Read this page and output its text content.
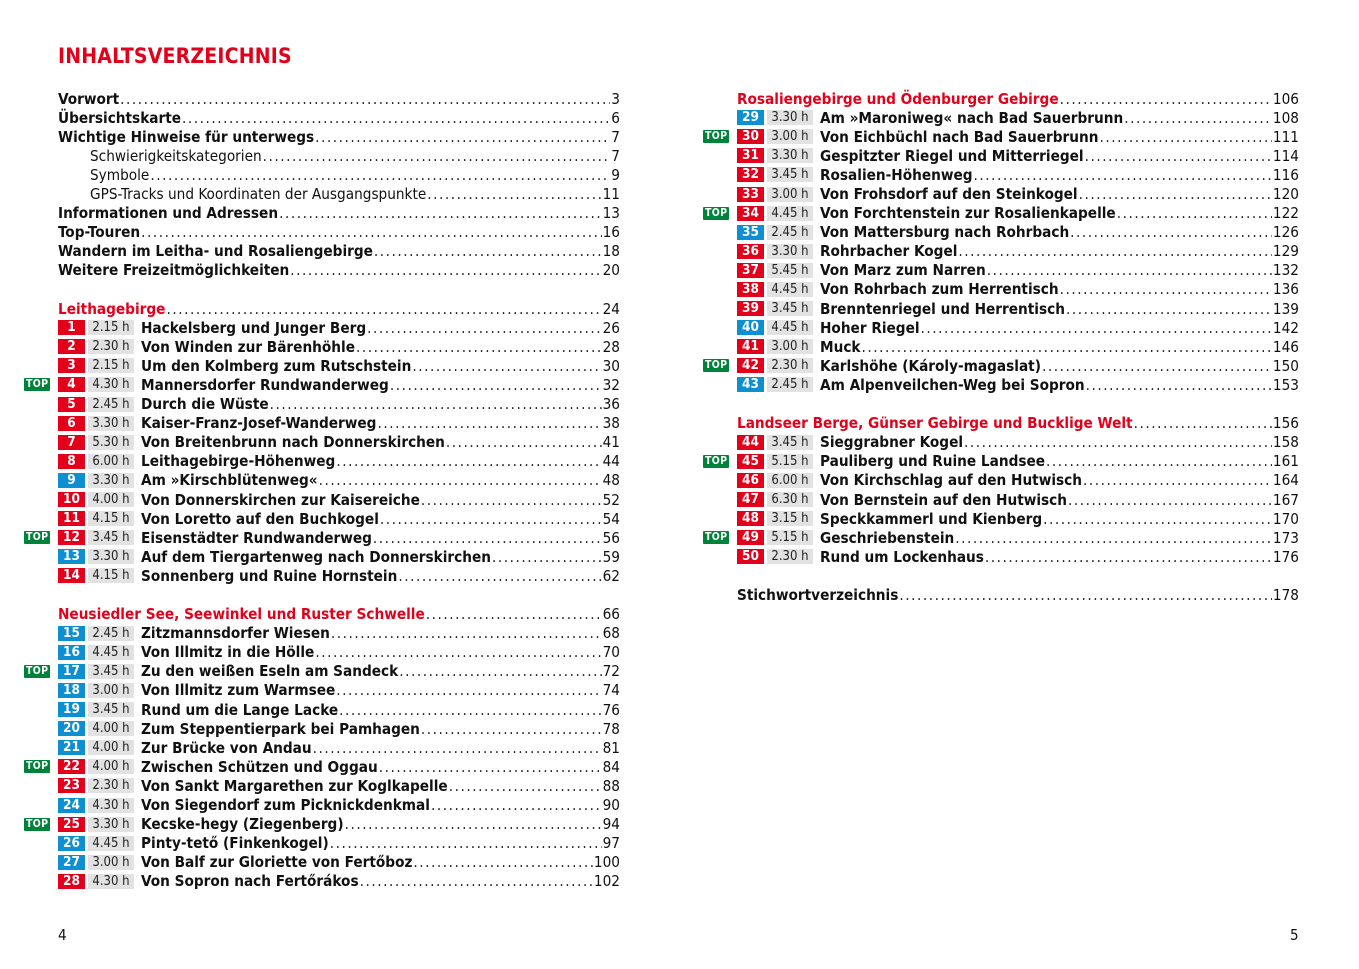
INHALTSVERZEICHNIS
Vorwort . . .	3
Übersichtskarte . . .	6
Wichtige Hinweise für unterwegs . . .	7
Schwierigkeitskategorien . . .	7
Symbole . . .	9
GPS-Tracks und Koordinaten der Ausgangspunkte . . .	11
Informationen und Adressen . . .	13
Top-Touren . . .	16
Wandern im Leitha- und Rosaliengebirge . . .	18
Weitere Freizeitmöglichkeiten . . .	20
Leithagebirge . . .	24
1	2.15 h Hackelsberg und Junger Berg . . .	26
2	2.30 h Von Winden zur Bärenhöhle . . .	28
3	2.15 h Um den Kolmberg zum Rutschstein . . .	30
TOP	4	4.30 h Mannersdorfer Rundwanderweg . . .	32
5	2.45 h Durch die Wüste . . .	36
6	3.30 h Kaiser-Franz-Josef-Wanderweg . . .	38
7	5.30 h Von Breitenbrunn nach Donnerskirchen . . .	41
8	6.00 h Leithagebirge-Höhenweg . . .	44
9	3.30 h Am »Kirschblütenweg« . . .	48
10 4.00 h Von Donnerskirchen zur Kaisereiche . . .	52
11 4.15 h Von Loretto auf den Buchkogel . . .	54
TOP	12 3.45 h Eisenstädter Rundwanderweg . . .	56
13 3.30 h Auf dem Tiergartenweg nach Donnerskirchen . . .	59
14 4.15 h Sonnenberg und Ruine Hornstein . . .	62
Neusiedler See, Seewinkel und Ruster Schwelle . . .	66
15 2.45 h Zitzmannsdorfer Wiesen . . .	68
16 4.45 h Von Illmitz in die Hölle . . .	70
TOP	17 3.45 h Zu den weißen Eseln am Sandeck . . .	72
18 3.00 h Von Illmitz zum Warmsee . . .	74
19 3.45 h Rund um die Lange Lacke . . .	76
20 4.00 h Zum Steppentierpark bei Pamhagen . . .	78
21 4.00 h Zur Brücke von Andau . . .	81
TOP	22 4.00 h Zwischen Schützen und Oggau . . .	84
23 2.30 h Von Sankt Margarethen zur Koglkapelle . . .	88
24 4.30 h Von Siegendorf zum Picknickdenkmal . . .	90
TOP	25 3.30 h Kecske-hegy (Ziegenberg) . . .	94
26 4.45 h Pinty-tető (Finkenkogel) . . .	97
27 3.00 h Von Balf zur Gloriette von Fertőboz . . .	100
28 4.30 h Von Sopron nach Fertőrákos . . .	102
Rosaliengebirge und Ödenburger Gebirge . . .	106
29 3.30 h Am »Maroniweg« nach Bad Sauerbrunn . . .	108
TOP	30 3.00 h Von Eichbüchl nach Bad Sauerbrunn . . .	111
31 3.30 h Gespitzter Riegel und Mitterriegel . . .	114
32 3.45 h Rosalien-Höhenweg . . .	116
33 3.00 h Von Frohsdorf auf den Steinkogel . . .	120
TOP	34 4.45 h Von Forchtenstein zur Rosalienkapelle . . .	122
35 2.45 h Von Mattersburg nach Rohrbach . . .	126
36 3.30 h Rohrbacher Kogel . . .	129
37 5.45 h Von Marz zum Narren . . .	132
38 4.45 h Von Rohrbach zum Herrentisch . . .	136
39 3.45 h Brenntenriegel und Herrentisch . . .	139
40 4.45 h Hoher Riegel . . .	142
41 3.00 h Muck . . .	146
TOP	42 2.30 h Karlshöhe (Károly-magaslat) . . .	150
43 2.45 h Am Alpenveilchen-Weg bei Sopron . . .	153
Landseer Berge, Günser Gebirge und Bucklige Welt . . .	156
44 3.45 h Sieggrabner Kogel . . .	158
TOP	45 5.15 h Pauliberg und Ruine Landsee . . .	161
46 6.00 h Von Kirchschlag auf den Hutwisch . . .	164
47 6.30 h Von Bernstein auf den Hutwisch . . .	167
48 3.15 h Speckkammerl und Kienberg . . .	170
TOP	49 5.15 h Geschriebenstein . . .	173
50 2.30 h Rund um Lockenhaus . . .	176
Stichwortverzeichnis . . .	178
4	5
